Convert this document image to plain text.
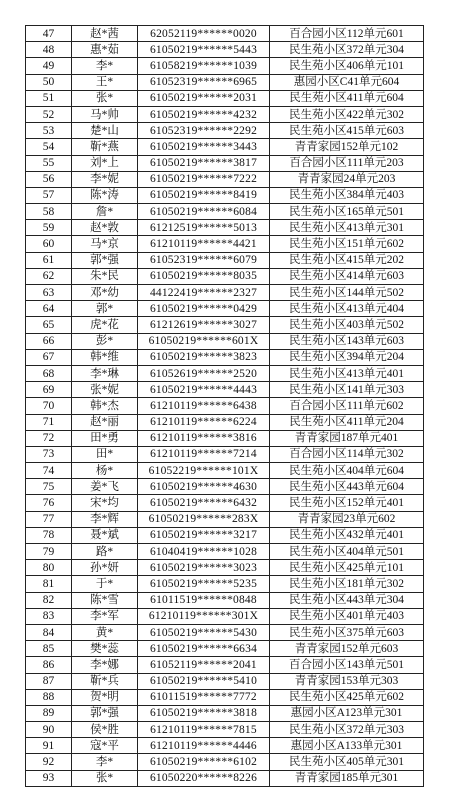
47	赵*茜	62052119******0020	百合园小区112单元601
48	惠*茹	61050219******5443	民生苑小区372单元304
49	李*	61058219******1039	民生苑小区406单元101
50	王*	61052319******6965	惠园小区C41单元604
51	张*	61050219******2031	民生苑小区411单元604
52	马*帅	61050219******4232	民生苑小区422单元302
53	楚*山	61052319******2292	民生苑小区415单元603
54	靳*燕	61050219******3443	青青家园152单元102
55	刘*上	61050219******3817	百合园小区111单元203
56	李*妮	61050219******7222	青青家园24单元203
57	陈*涛	61050219******8419	民生苑小区384单元403
58	詹*	61050219******6084	民生苑小区165单元501
59	赵*敦	61212519******5013	民生苑小区413单元301
60	马*京	61210119******4421	民生苑小区151单元602
61	郭*强	61052319******6079	民生苑小区415单元202
62	朱*民	61050219******8035	民生苑小区414单元603
63	邓*幼	44122419******2327	民生苑小区144单元502
64	郭*	61050219******0429	民生苑小区413单元404
65	虎*花	61212619******3027	民生苑小区403单元502
66	彭*	61050219******601X	民生苑小区143单元603
67	韩*维	61050219******3823	民生苑小区394单元204
68	李*琳	61052619******2520	民生苑小区413单元401
69	张*妮	61050219******4443	民生苑小区141单元303
70	韩*杰	61210119******6438	百合园小区111单元602
71	赵*丽	61210119******6224	民生苑小区411单元204
72	田*勇	61210119******3816	青青家园187单元401
73	田*	61210119******7214	百合园小区114单元302
74	杨*	61052219******101X	民生苑小区404单元604
75	姜*飞	61050219******4630	民生苑小区443单元604
76	宋*均	61050219******6432	民生苑小区152单元401
77	李*辉	61050219******283X	青青家园23单元602
78	聂*斌	61050219******3217	民生苑小区432单元401
79	路*	61040419******1028	民生苑小区404单元501
80	孙*妍	61050219******3023	民生苑小区425单元101
81	于*	61050219******5235	民生苑小区181单元302
82	陈*雪	61011519******0848	民生苑小区443单元304
83	李*军	61210119******301X	民生苑小区401单元403
84	黄*	61050219******5430	民生苑小区375单元603
85	樊*蕊	61050219******6634	青青家园152单元603
86	李*娜	61052119******2041	百合园小区143单元501
87	靳*兵	61050219******5410	青青家园153单元303
88	贺*明	61011519******7772	民生苑小区425单元602
89	郭*强	61050219******3818	惠园小区A123单元301
90	侯*胜	61210119******7815	民生苑小区372单元303
91	寇*平	61210119******4446	惠园小区A133单元301
92	李*	61050219******6102	民生苑小区405单元301
93	张*	61050220******8226	青青家园185单元301
